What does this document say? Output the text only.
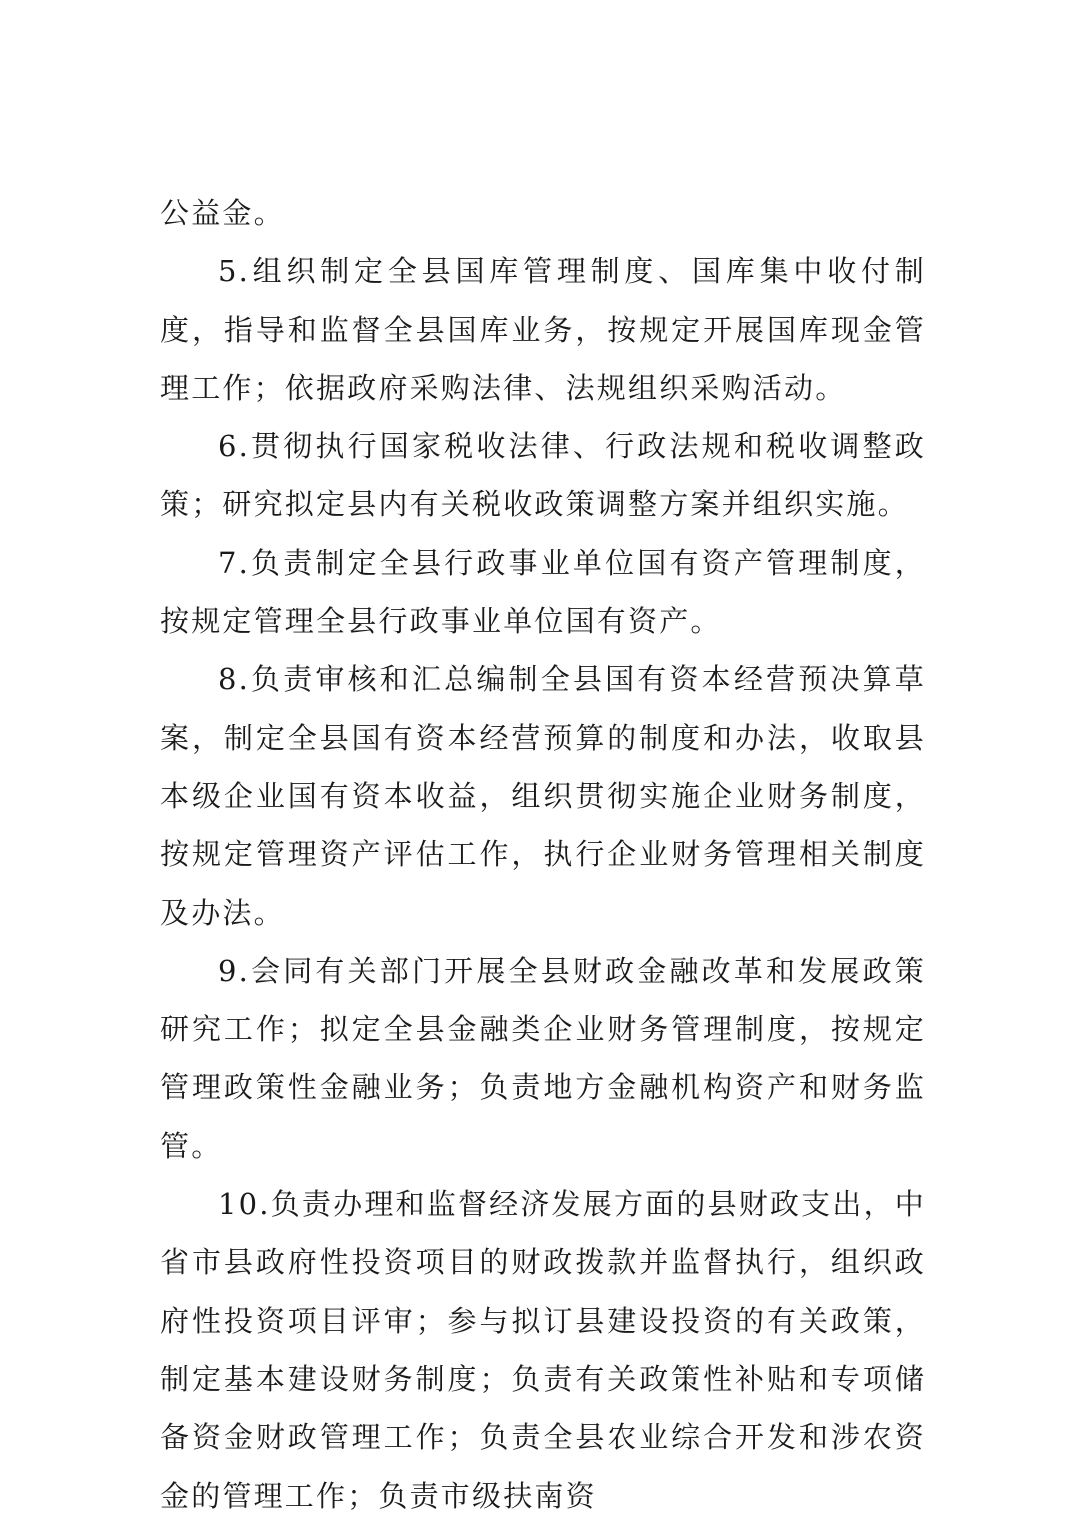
公益金。

5.组织制定全县国库管理制度、国库集中收付制度，指导和监督全县国库业务，按规定开展国库现金管理工作；依据政府采购法律、法规组织采购活动。

6.贯彻执行国家税收法律、行政法规和税收调整政策；研究拟定县内有关税收政策调整方案并组织实施。

7.负责制定全县行政事业单位国有资产管理制度，按规定管理全县行政事业单位国有资产。

8.负责审核和汇总编制全县国有资本经营预决算草案，制定全县国有资本经营预算的制度和办法，收取县本级企业国有资本收益，组织贯彻实施企业财务制度，按规定管理资产评估工作，执行企业财务管理相关制度及办法。

9.会同有关部门开展全县财政金融改革和发展政策研究工作；拟定全县金融类企业财务管理制度，按规定管理政策性金融业务；负责地方金融机构资产和财务监管。

10.负责办理和监督经济发展方面的县财政支出，中省市县政府性投资项目的财政拨款并监督执行，组织政府性投资项目评审；参与拟订县建设投资的有关政策，制定基本建设财务制度；负责有关政策性补贴和专项储备资金财政管理工作；负责全县农业综合开发和涉农资金的管理工作；负责市级扶南资
